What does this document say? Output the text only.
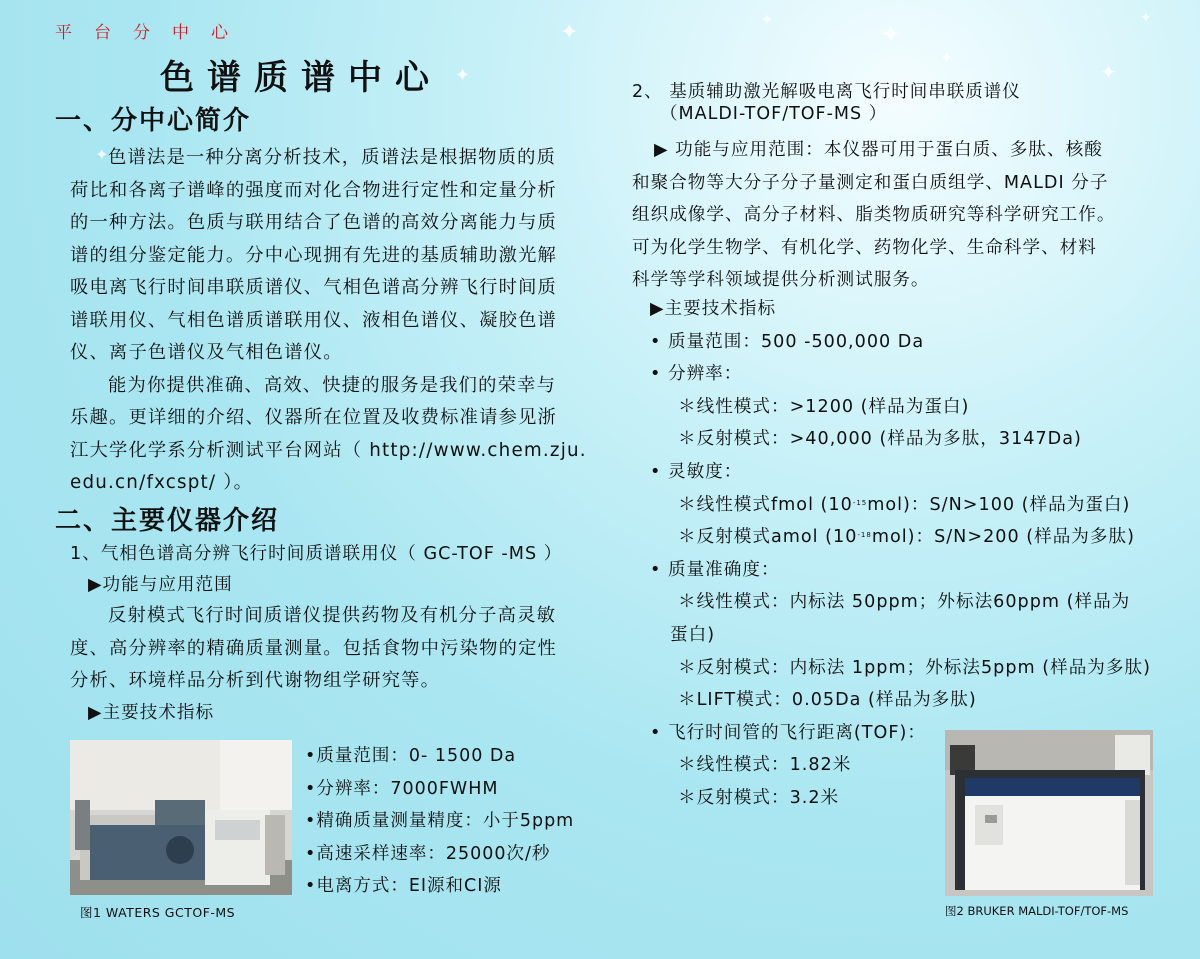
✦
✦
✦
✦
✦
✦
✦
✦
平台分中心
色谱质谱中心
一、分中心简介
色谱法是一种分离分析技术，质谱法是根据物质的质
荷比和各离子谱峰的强度而对化合物进行定性和定量分析
的一种方法。色质与联用结合了色谱的高效分离能力与质
谱的组分鉴定能力。分中心现拥有先进的基质辅助激光解
吸电离飞行时间串联质谱仪、气相色谱高分辨飞行时间质
谱联用仪、气相色谱质谱联用仪、液相色谱仪、凝胶色谱
仪、离子色谱仪及气相色谱仪。
能为你提供准确、高效、快捷的服务是我们的荣幸与
乐趣。更详细的介绍、仪器所在位置及收费标准请参见浙
江大学化学系分析测试平台网站（ http://www.chem.zju.
edu.cn/fxcspt/ ）。
二、主要仪器介绍
1、气相色谱高分辨飞行时间质谱联用仪（ GC-TOF -MS ）
▶功能与应用范围
反射模式飞行时间质谱仪提供药物及有机分子高灵敏
度、高分辨率的精确质量测量。包括食物中污染物的定性
分析、环境样品分析到代谢物组学研究等。
▶主要技术指标
•质量范围：0- 1500 Da
•分辨率：7000FWHM
•精确质量测量精度：小于5ppm
•高速采样速率：25000次/秒
•电离方式：EI源和CI源
图1 WATERS GCTOF-MS
2、 基质辅助激光解吸电离飞行时间串联质谱仪
（MALDI-TOF/TOF-MS ）
▶ 功能与应用范围：本仪器可用于蛋白质、多肽、核酸
和聚合物等大分子分子量测定和蛋白质组学、MALDI 分子
组织成像学、高分子材料、脂类物质研究等科学研究工作。
可为化学生物学、有机化学、药物化学、生命科学、材料
科学等学科领域提供分析测试服务。
▶主要技术指标
• 质量范围：500 -500,000 Da
• 分辨率：
＊线性模式：>1200 (样品为蛋白)
＊反射模式：>40,000 (样品为多肽，3147Da)
• 灵敏度：
＊线性模式fmol $(10^{-15}mol)$：S/N>100 (样品为蛋白)
＊反射模式amol $(10^{-18}mol)$：S/N>200 (样品为多肽)
• 质量准确度：
＊线性模式：内标法 50ppm；外标法60ppm (样品为
蛋白)
＊反射模式：内标法 1ppm；外标法5ppm (样品为多肽)
＊LIFT模式：0.05Da (样品为多肽)
• 飞行时间管的飞行距离(TOF)：
＊线性模式：1.82米
＊反射模式：3.2米
图2 BRUKER MALDI-TOF/TOF-MS
